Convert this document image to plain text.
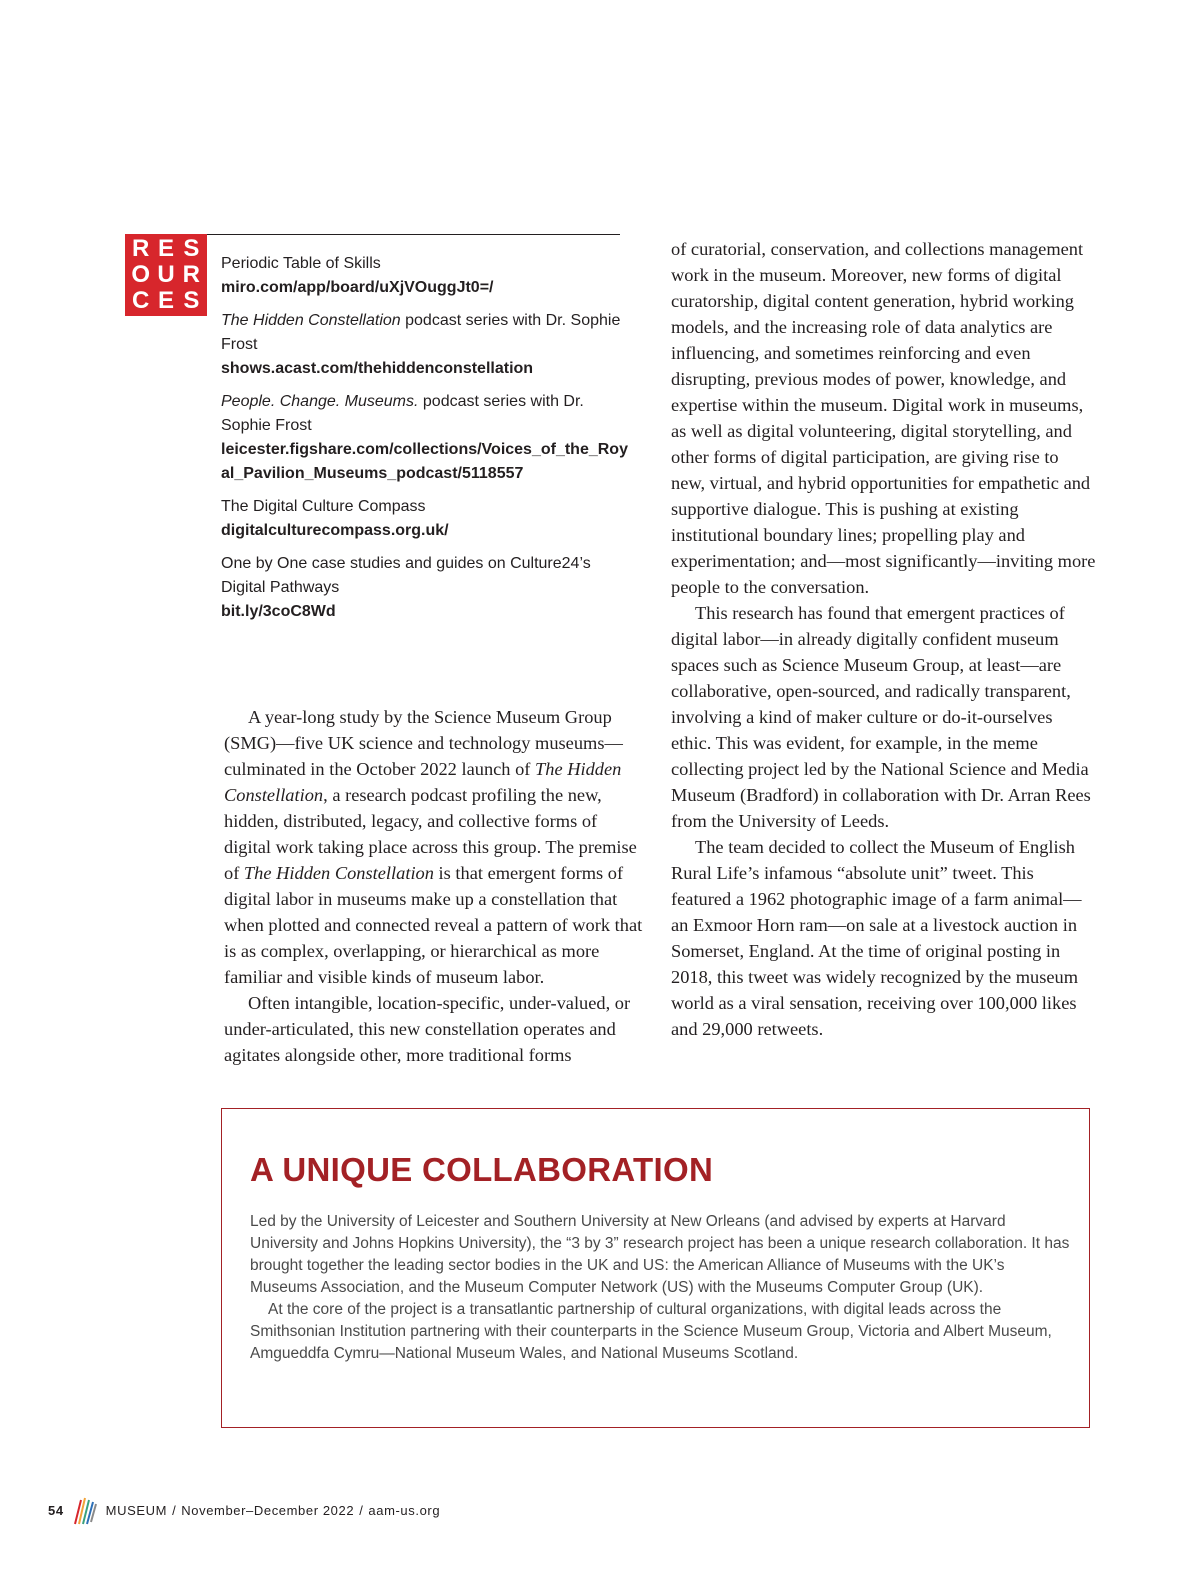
R E S
O U R
C E S
Periodic Table of Skills
miro.com/app/board/uXjVOuggJt0=/
The Hidden Constellation podcast series with Dr. Sophie Frost
shows.acast.com/thehiddenconstellation
People. Change. Museums. podcast series with Dr. Sophie Frost
leicester.figshare.com/collections/Voices_of_the_Royal_Pavilion_Museums_podcast/5118557
The Digital Culture Compass
digitalculturecompass.org.uk/
One by One case studies and guides on Culture24’s Digital Pathways
bit.ly/3coC8Wd

A year-long study by the Science Museum Group (SMG)—five UK science and technology museums—culminated in the October 2022 launch of The Hidden Constellation, a research podcast profiling the new, hidden, distributed, legacy, and collective forms of digital work taking place across this group. The premise of The Hidden Constellation is that emergent forms of digital labor in museums make up a constellation that when plotted and connected reveal a pattern of work that is as complex, overlapping, or hierarchical as more familiar and visible kinds of museum labor.

Often intangible, location-specific, under-valued, or under-articulated, this new constellation operates and agitates alongside other, more traditional forms

of curatorial, conservation, and collections management work in the museum. Moreover, new forms of digital curatorship, digital content generation, hybrid working models, and the increasing role of data analytics are influencing, and sometimes reinforcing and even disrupting, previous modes of power, knowledge, and expertise within the museum. Digital work in museums, as well as digital volunteering, digital storytelling, and other forms of digital participation, are giving rise to new, virtual, and hybrid opportunities for empathetic and supportive dialogue. This is pushing at existing institutional boundary lines; propelling play and experimentation; and—most significantly—inviting more people to the conversation.

This research has found that emergent practices of digital labor—in already digitally confident museum spaces such as Science Museum Group, at least—are collaborative, open-sourced, and radically transparent, involving a kind of maker culture or do-it-ourselves ethic. This was evident, for example, in the meme collecting project led by the National Science and Media Museum (Bradford) in collaboration with Dr. Arran Rees from the University of Leeds.

The team decided to collect the Museum of English Rural Life’s infamous “absolute unit” tweet. This featured a 1962 photographic image of a farm animal—an Exmoor Horn ram—on sale at a livestock auction in Somerset, England. At the time of original posting in 2018, this tweet was widely recognized by the museum world as a viral sensation, receiving over 100,000 likes and 29,000 retweets.

A UNIQUE COLLABORATION

Led by the University of Leicester and Southern University at New Orleans (and advised by experts at Harvard University and Johns Hopkins University), the “3 by 3” research project has been a unique research collaboration. It has brought together the leading sector bodies in the UK and US: the American Alliance of Museums with the UK’s Museums Association, and the Museum Computer Network (US) with the Museums Computer Group (UK).

At the core of the project is a transatlantic partnership of cultural organizations, with digital leads across the Smithsonian Institution partnering with their counterparts in the Science Museum Group, Victoria and Albert Museum, Amgueddfa Cymru—National Museum Wales, and National Museums Scotland.

54	MUSEUM / November–December 2022 / aam-us.org
